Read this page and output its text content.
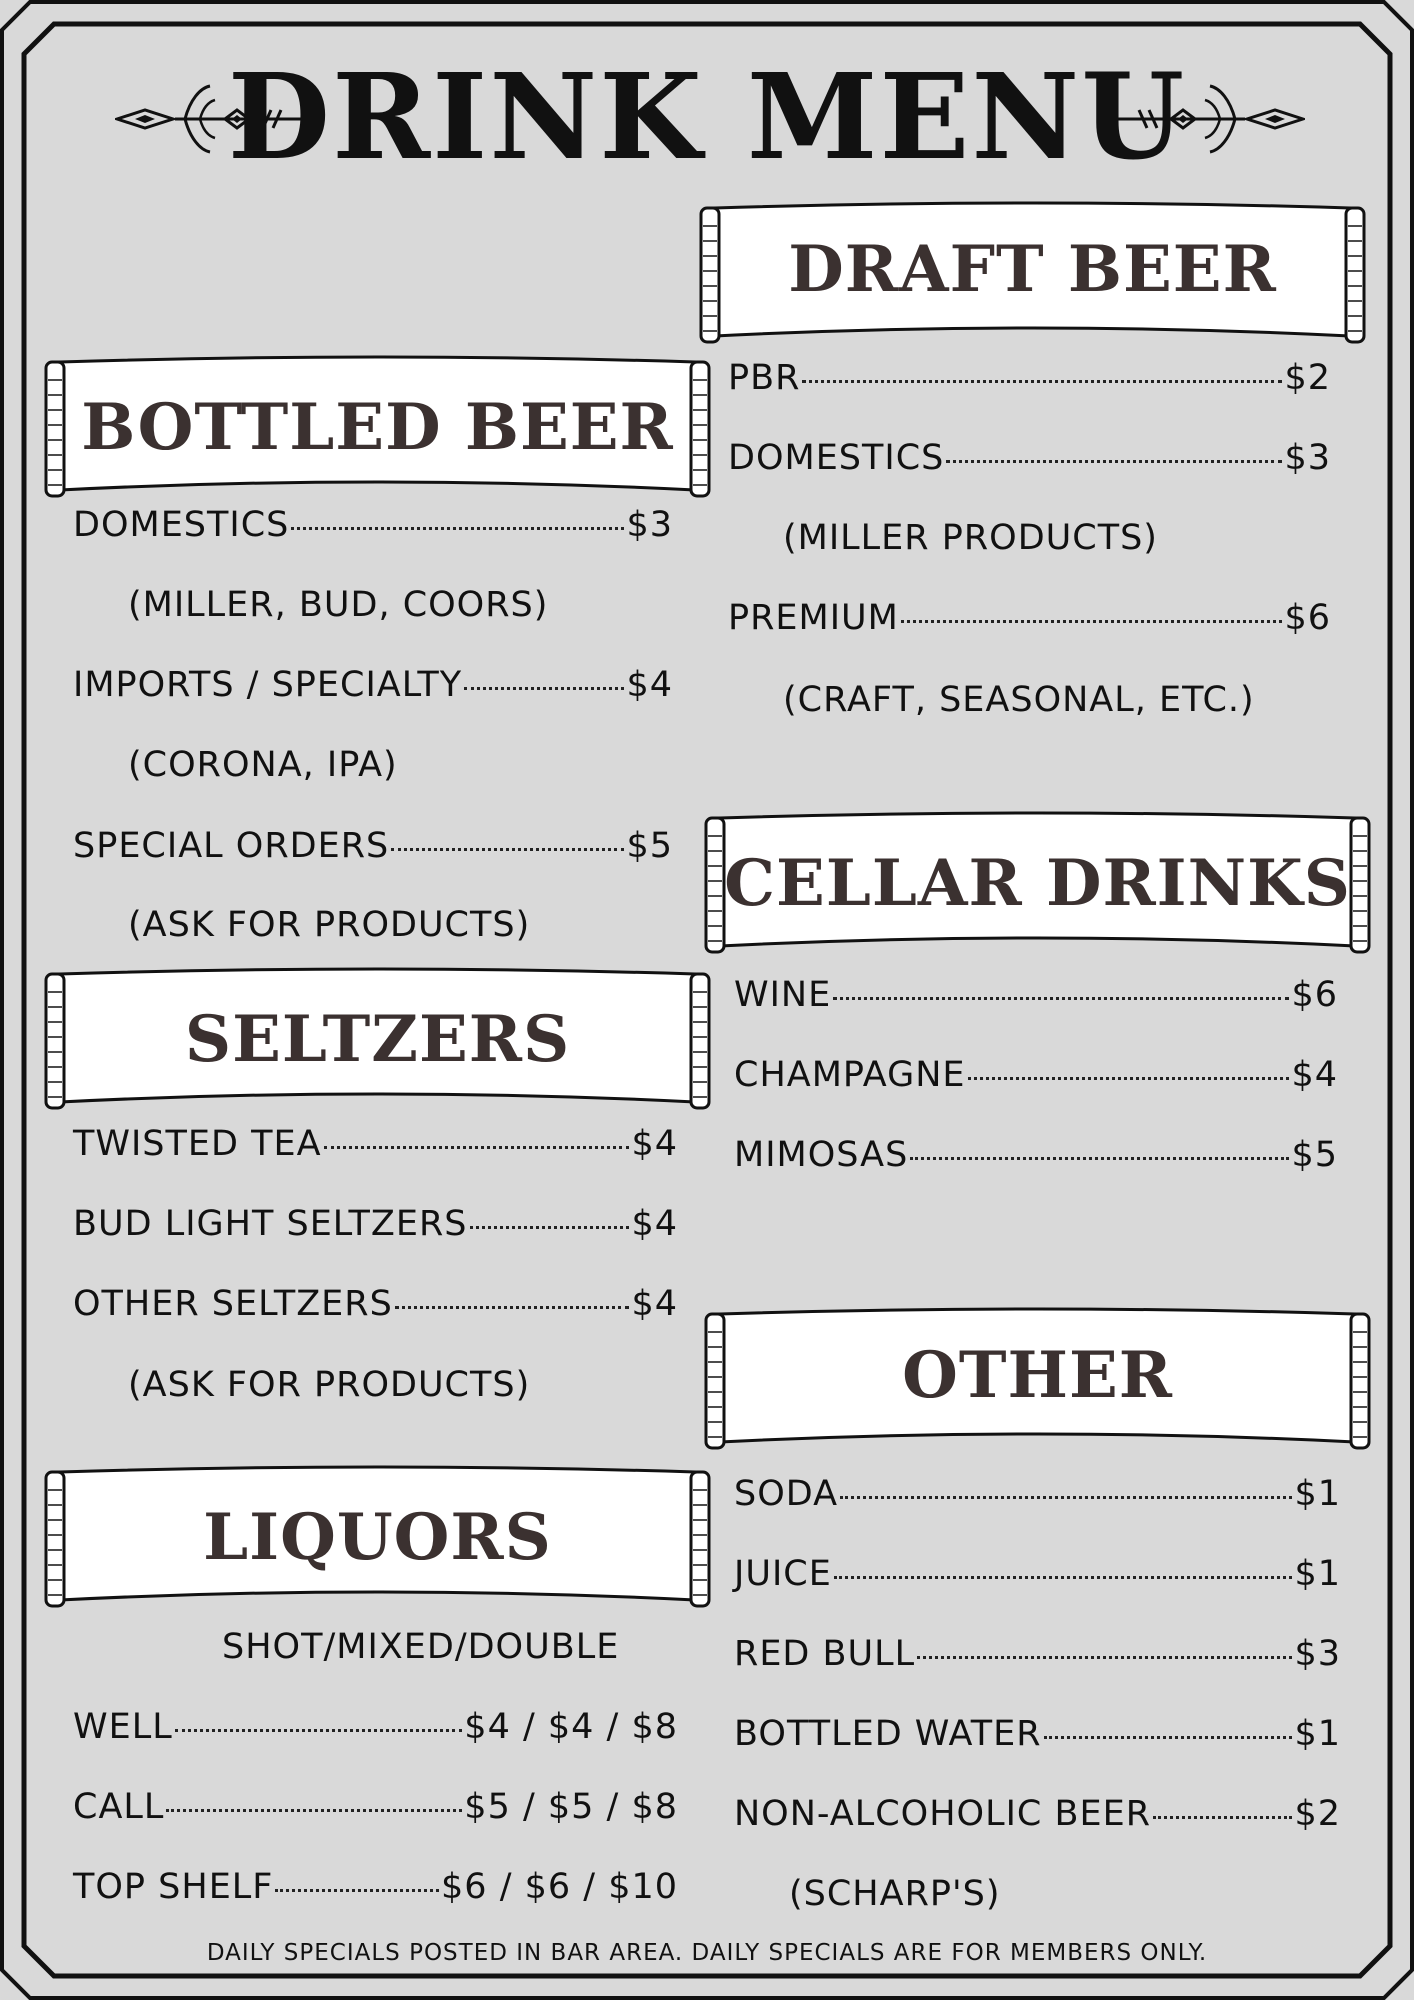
DRINK MENU
BOTTLED BEER
DOMESTICS	$3
(MILLER, BUD, COORS)
IMPORTS / SPECIALTY	$4
(CORONA, IPA)
SPECIAL ORDERS	$5
(ASK FOR PRODUCTS)
SELTZERS
TWISTED TEA	$4
BUD LIGHT SELTZERS	$4
OTHER SELTZERS	$4
(ASK FOR PRODUCTS)
LIQUORS
SHOT/MIXED/DOUBLE
WELL	$4 / $4 / $8
CALL	$5 / $5 / $8
TOP SHELF	$6 / $6 / $10
DRAFT BEER
PBR	$2
DOMESTICS	$3
(MILLER PRODUCTS)
PREMIUM	$6
(CRAFT, SEASONAL, ETC.)
CELLAR DRINKS
WINE	$6
CHAMPAGNE	$4
MIMOSAS	$5
OTHER
SODA	$1
JUICE	$1
RED BULL	$3
BOTTLED WATER	$1
NON-ALCOHOLIC BEER	$2
(SCHARP'S)
DAILY SPECIALS POSTED IN BAR AREA. DAILY SPECIALS ARE FOR MEMBERS ONLY.
